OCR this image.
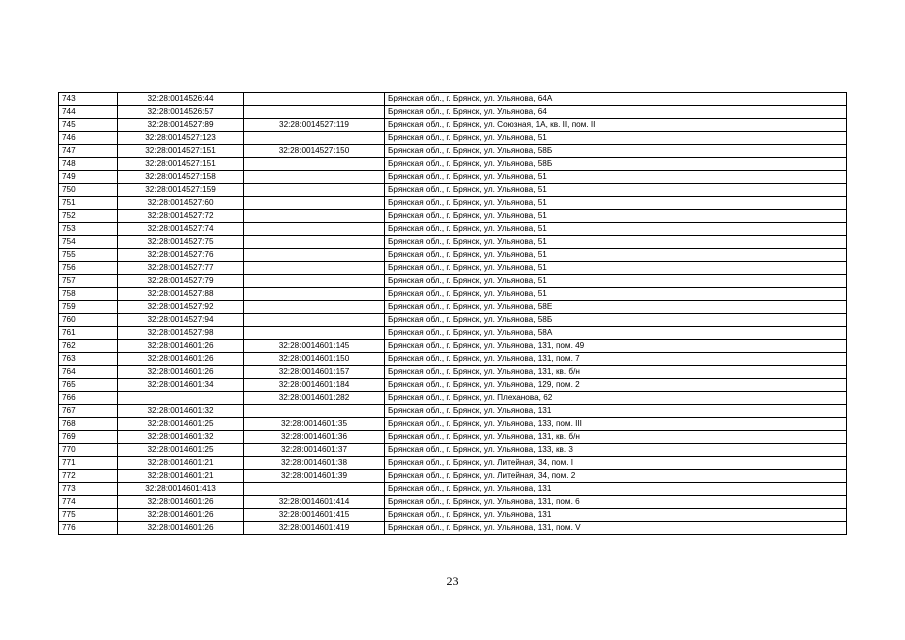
743	32:28:0014526:44		Брянская обл., г. Брянск, ул. Ульянова, 64А
744	32:28:0014526:57		Брянская обл., г. Брянск, ул. Ульянова, 64
745	32:28:0014527:89	32:28:0014527:119	Брянская обл., г. Брянск, ул. Союзная, 1А, кв. II, пом. II
746	32:28:0014527:123		Брянская обл., г. Брянск, ул. Ульянова, 51
747	32:28:0014527:151	32:28:0014527:150	Брянская обл., г. Брянск, ул. Ульянова, 58Б
748	32:28:0014527:151		Брянская обл., г. Брянск, ул. Ульянова, 58Б
749	32:28:0014527:158		Брянская обл., г. Брянск, ул. Ульянова, 51
750	32:28:0014527:159		Брянская обл., г. Брянск, ул. Ульянова, 51
751	32:28:0014527:60		Брянская обл., г. Брянск, ул. Ульянова, 51
752	32:28:0014527:72		Брянская обл., г. Брянск, ул. Ульянова, 51
753	32:28:0014527:74		Брянская обл., г. Брянск, ул. Ульянова, 51
754	32:28:0014527:75		Брянская обл., г. Брянск, ул. Ульянова, 51
755	32:28:0014527:76		Брянская обл., г. Брянск, ул. Ульянова, 51
756	32:28:0014527:77		Брянская обл., г. Брянск, ул. Ульянова, 51
757	32:28:0014527:79		Брянская обл., г. Брянск, ул. Ульянова, 51
758	32:28:0014527:88		Брянская обл., г. Брянск, ул. Ульянова, 51
759	32:28:0014527:92		Брянская обл., г. Брянск, ул. Ульянова, 58Е
760	32:28:0014527:94		Брянская обл., г. Брянск, ул. Ульянова, 58Б
761	32:28:0014527:98		Брянская обл., г. Брянск, ул. Ульянова, 58А
762	32:28:0014601:26	32:28:0014601:145	Брянская обл., г. Брянск, ул. Ульянова, 131, пом. 49
763	32:28:0014601:26	32:28:0014601:150	Брянская обл., г. Брянск, ул. Ульянова, 131, пом. 7
764	32:28:0014601:26	32:28:0014601:157	Брянская обл., г. Брянск, ул. Ульянова, 131, кв. б/н
765	32:28:0014601:34	32:28:0014601:184	Брянская обл., г. Брянск, ул. Ульянова, 129, пом. 2
766		32:28:0014601:282	Брянская обл., г. Брянск, ул. Плеханова, 62
767	32:28:0014601:32		Брянская обл., г. Брянск, ул. Ульянова, 131
768	32:28:0014601:25	32:28:0014601:35	Брянская обл., г. Брянск, ул. Ульянова, 133, пом. III
769	32:28:0014601:32	32:28:0014601:36	Брянская обл., г. Брянск, ул. Ульянова, 131, кв. б/н
770	32:28:0014601:25	32:28:0014601:37	Брянская обл., г. Брянск, ул. Ульянова, 133, кв. 3
771	32:28:0014601:21	32:28:0014601:38	Брянская обл., г. Брянск, ул. Литейная, 34, пом. I
772	32:28:0014601:21	32:28:0014601:39	Брянская обл., г. Брянск, ул. Литейная, 34, пом. 2
773	32:28:0014601:413		Брянская обл., г. Брянск, ул. Ульянова, 131
774	32:28:0014601:26	32:28:0014601:414	Брянская обл., г. Брянск, ул. Ульянова, 131, пом. 6
775	32:28:0014601:26	32:28:0014601:415	Брянская обл., г. Брянск, ул. Ульянова, 131
776	32:28:0014601:26	32:28:0014601:419	Брянская обл., г. Брянск, ул. Ульянова, 131, пом. V
23
